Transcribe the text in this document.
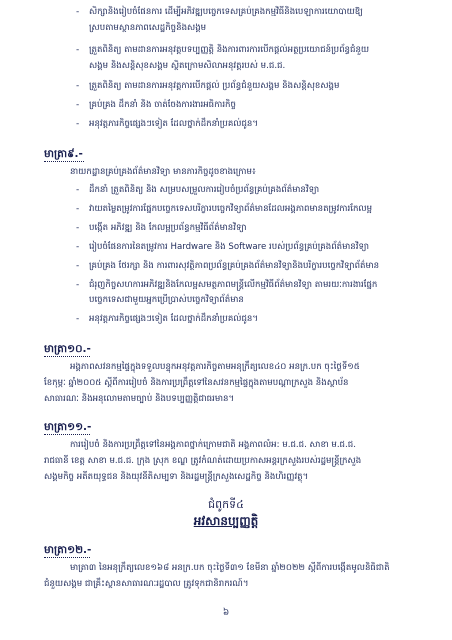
- សិក្សានិងរៀបចំផែនការ ដើម្បីអភិវឌ្ឍបច្ចេកទេសគ្រប់គ្រងកម្មវិធីនិងបេឡាការយោបាយឱ្យ
ស្របតាមស្ថានភាពសេដ្ឋកិច្ចនិងសង្គម
- ត្រួតពិនិត្យ តាមដានការអនុវត្តបទប្បញ្ញត្តិ និងការពារការបើកផ្តល់អត្ថប្រយោជន៍ប្រព័ន្ធជំនួយ
សង្គម និងសន្តិសុខសង្គម ស្ថិតក្រោមសិលាអនុវត្តរបស់ ម.ជ.ជ.
- ត្រួតពិនិត្យ តាមដានការអនុវត្តការបើកផ្តល់ ប្រព័ន្ធជំនួយសង្គម និងសន្តិសុខសង្គម
- គ្រប់គ្រង ដឹកនាំ និង ចាត់ចែងការងារអធិការកិច្ច
- អនុវត្តភារកិច្ចផ្សេងៗទៀត ដែលថ្នាក់ដឹកនាំប្រគល់ជូន។
មាត្រា៩.-
នាយកដ្ឋានគ្រប់គ្រងព័ត៌មានវិទ្យា មានភារកិច្ចដូចខាងក្រោម៖
- ដឹកនាំ ត្រួតពិនិត្យ និង សម្របសម្រួលការរៀបចំប្រព័ន្ធគ្រប់គ្រងព័ត៌មានវិទ្យា
- វាយតម្លៃតម្រូវការផ្នែកបច្ចេកទេសបរិក្ខារបច្ចេកវិទ្យាព័ត៌មានដែលអង្គភាពមានតម្រូវការកែលម្អ
- បង្កើត អភិវឌ្ឍ និង កែលម្អប្រព័ន្ធកម្មវិធីព័ត៌មានវិទ្យា
- រៀបចំផែនការនៃតម្រូវការ Hardware និង Software របស់ប្រព័ន្ធគ្រប់គ្រងព័ត៌មានវិទ្យា
- គ្រប់គ្រង ថែរក្សា និង ការពារសុវត្ថិភាពប្រព័ន្ធគ្រប់គ្រងព័ត៌មានវិទ្យានិងបរិក្ខារបច្ចេកវិទ្យាព័ត៌មាន
- ជំរុញកិច្ចសហការអភិវឌ្ឍនិងកែលម្អសមត្ថភាពមន្ត្រីលើកម្មវិធីព័ត៌មានវិទ្យា តាមរយៈការងារផ្នែក
បច្ចេកទេសជាមួយអ្នកប្រើប្រាស់បច្ចេកវិទ្យាព័ត៌មាន
- អនុវត្តភារកិច្ចផ្សេងៗទៀត ដែលថ្នាក់ដឹកនាំប្រគល់ជូន។
មាត្រា១០.-
អង្គភាពសវនកម្មផ្ទៃក្នុងទទួលបន្ទុកអនុវត្តភារកិច្ចតាមអនុក្រឹត្យលេខ៤០ អនក្រ.បក ចុះថ្ងៃទី១៥
ខែកុម្ភៈ ឆ្នាំ២០០៥ ស្តីពីការរៀបចំ និងការប្រព្រឹត្តទៅនៃសវនកម្មផ្ទៃក្នុងតាមបណ្តាក្រសួង និងស្ថាប័ន
សាធារណៈ និងអនុលោមតាមច្បាប់ និងបទប្បញ្ញត្តិជាធរមាន។
មាត្រា១១.-
ការរៀបចំ និងការប្រព្រឹត្តទៅនៃអង្គភាពថ្នាក់ក្រោមជាតិ អង្គភាពលំអ: ម.ជ.ជ. សាខា ម.ជ.ជ.
រាជធានី ខេត្ត សាខា ម.ជ.ជ. ក្រុង ស្រុក ខណ្ឌ ត្រូវកំណត់ដោយប្រកាសអន្តរក្រសួងរបស់រដ្ឋមន្ត្រីក្រសួង
សង្គមកិច្ច អតីតយុទ្ធជន និងយុវនីតិសម្បទា និងរដ្ឋមន្ត្រីក្រសួងសេដ្ឋកិច្ច និងហិរញ្ញវត្ថុ។
ជំពូកទី៤
អវសានប្បញ្ញត្តិ
មាត្រា១២.-
មាត្រា៣ នៃអនុក្រឹត្យលេខ១៦៨ អនក្រ.បក ចុះថ្ងៃទី៣១ ខែមីនា ឆ្នាំ២០២២ ស្តីពីការបង្កើតមូលនិធិជាតិ
ជំនួយសង្គម ជាគ្រឹះស្ថានសាធារណៈរដ្ឋបាល ត្រូវទុកជានិរាករណ៍។
៦
